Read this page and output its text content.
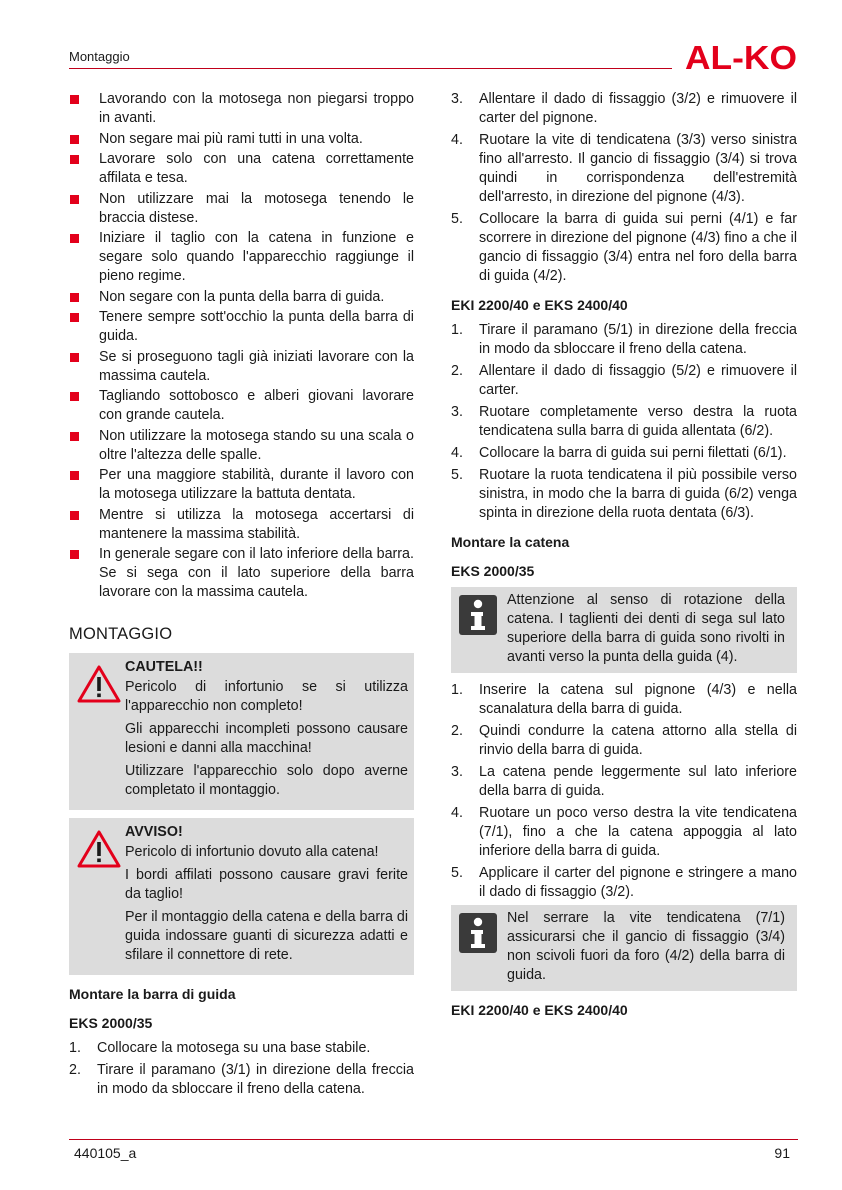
Montaggio	AL-KO
Lavorando con la motosega non piegarsi troppo in avanti.
Non segare mai più rami tutti in una volta.
Lavorare solo con una catena correttamente affilata e tesa.
Non utilizzare mai la motosega tenendo le braccia distese.
Iniziare il taglio con la catena in funzione e segare solo quando l'apparecchio raggiunge il pieno regime.
Non segare con la punta della barra di guida.
Tenere sempre sott'occhio la punta della barra di guida.
Se si proseguono tagli già iniziati lavorare con la massima cautela.
Tagliando sottobosco e alberi giovani lavorare con grande cautela.
Non utilizzare la motosega stando su una scala o oltre l'altezza delle spalle.
Per una maggiore stabilità, durante il lavoro con la motosega utilizzare la battuta dentata.
Mentre si utilizza la motosega accertarsi di mantenere la massima stabilità.
In generale segare con il lato inferiore della barra. Se si sega con il lato superiore della barra lavorare con la massima cautela.
MONTAGGIO
CAUTELA!!

Pericolo di infortunio se si utilizza l'apparecchio non completo!

Gli apparecchi incompleti possono causare lesioni e danni alla macchina!

Utilizzare l'apparecchio solo dopo averne completato il montaggio.

AVVISO!

Pericolo di infortunio dovuto alla catena!

I bordi affilati possono causare gravi ferite da taglio!

Per il montaggio della catena e della barra di guida indossare guanti di sicurezza adatti e sfilare il connettore di rete.

Montare la barra di guida
EKS 2000/35
1. Collocare la motosega su una base stabile.
2. Tirare il paramano (3/1) in direzione della freccia in modo da sbloccare il freno della catena.
3. Allentare il dado di fissaggio (3/2) e rimuovere il carter del pignone.
4. Ruotare la vite di tendicatena (3/3) verso sinistra fino all'arresto. Il gancio di fissaggio (3/4) si trova quindi in corrispondenza dell'estremità dell'arresto, in direzione del pignone (4/3).
5. Collocare la barra di guida sui perni (4/1) e far scorrere in direzione del pignone (4/3) fino a che il gancio di fissaggio (3/4) entra nel foro della barra di guida (4/2).
EKI 2200/40 e EKS 2400/40
1. Tirare il paramano (5/1) in direzione della freccia in modo da sbloccare il freno della catena.
2. Allentare il dado di fissaggio (5/2) e rimuovere il carter.
3. Ruotare completamente verso destra la ruota tendicatena sulla barra di guida allentata (6/2).
4. Collocare la barra di guida sui perni filettati (6/1).
5. Ruotare la ruota tendicatena il più possibile verso sinistra, in modo che la barra di guida (6/2) venga spinta in direzione della ruota dentata (6/3).
Montare la catena
EKS 2000/35

Attenzione al senso di rotazione della catena. I taglienti dei denti di sega sul lato superiore della barra di guida sono rivolti in avanti verso la punta della guida (4).

1. Inserire la catena sul pignone (4/3) e nella scanalatura della barra di guida.
2. Quindi condurre la catena attorno alla stella di rinvio della barra di guida.
3. La catena pende leggermente sul lato inferiore della barra di guida.
4. Ruotare un poco verso destra la vite tendicatena (7/1), fino a che la catena appoggia al lato inferiore della barra di guida.
5. Applicare il carter del pignone e stringere a mano il dado di fissaggio (3/2).

Nel serrare la vite tendicatena (7/1) assicurarsi che il gancio di fissaggio (3/4) non scivoli fuori da foro (4/2) della barra di guida.

EKI 2200/40 e EKS 2400/40
440105_a	91
